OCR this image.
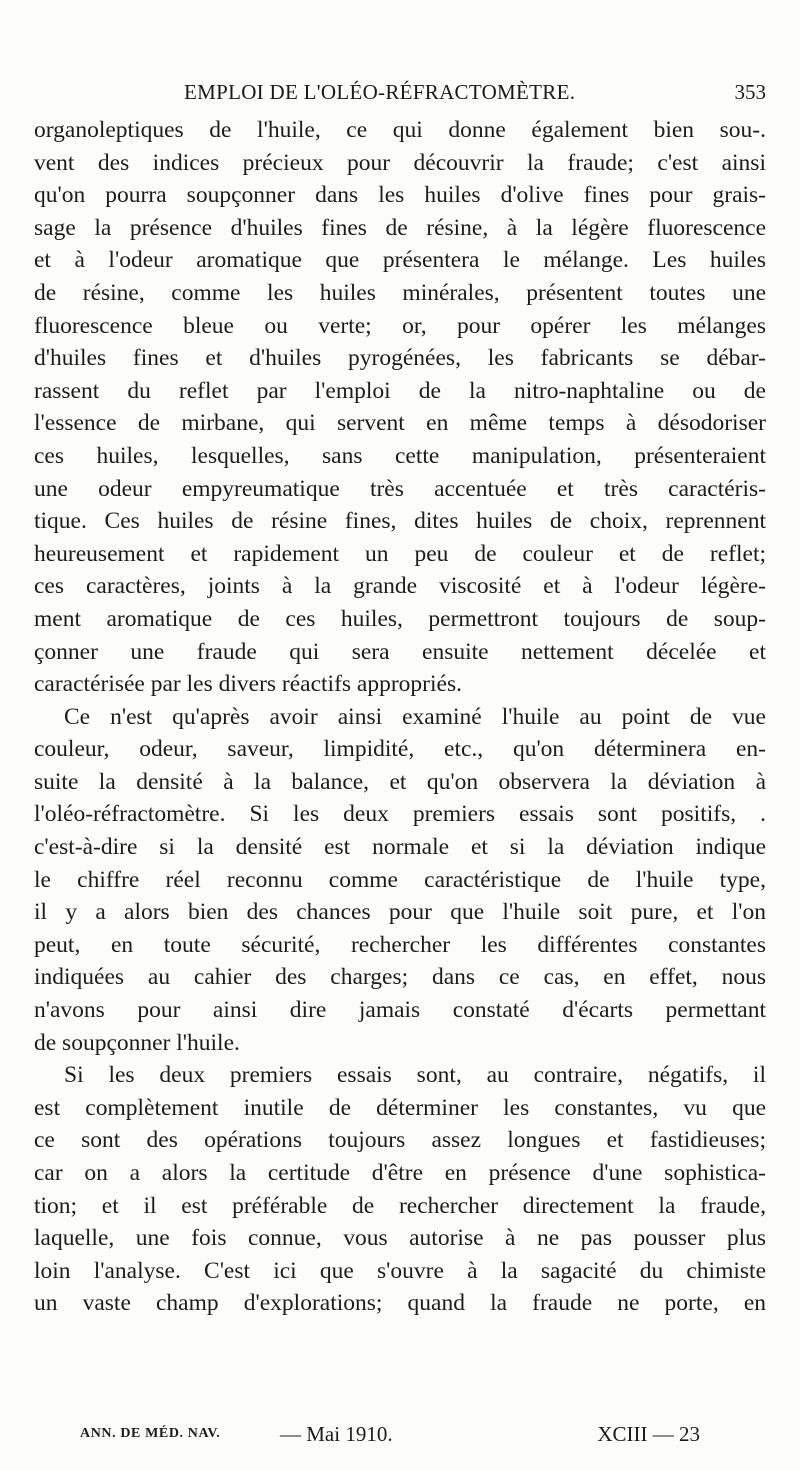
EMPLOI DE L'OLÉO-RÉFRACTOMÈTRE.	353
organoleptiques de l'huile, ce qui donne également bien sou-.
vent des indices précieux pour découvrir la fraude; c'est ainsi
qu'on pourra soupçonner dans les huiles d'olive fines pour grais-
sage la présence d'huiles fines de résine, à la légère fluorescence
et à l'odeur aromatique que présentera le mélange. Les huiles
de résine, comme les huiles minérales, présentent toutes une
fluorescence bleue ou verte; or, pour opérer les mélanges
d'huiles fines et d'huiles pyrogénées, les fabricants se débar-
rassent du reflet par l'emploi de la nitro-naphtaline ou de
l'essence de mirbane, qui servent en même temps à désodoriser
ces huiles, lesquelles, sans cette manipulation, présenteraient
une odeur empyreumatique très accentuée et très caractéris-
tique. Ces huiles de résine fines, dites huiles de choix, reprennent
heureusement et rapidement un peu de couleur et de reflet;
ces caractères, joints à la grande viscosité et à l'odeur légère-
ment aromatique de ces huiles, permettront toujours de soup-
çonner une fraude qui sera ensuite nettement décelée et
caractérisée par les divers réactifs appropriés.
Ce n'est qu'après avoir ainsi examiné l'huile au point de vue
couleur, odeur, saveur, limpidité, etc., qu'on déterminera en-
suite la densité à la balance, et qu'on observera la déviation à
l'oléo-réfractomètre. Si les deux premiers essais sont positifs, .
c'est-à-dire si la densité est normale et si la déviation indique
le chiffre réel reconnu comme caractéristique de l'huile type,
il y a alors bien des chances pour que l'huile soit pure, et l'on
peut, en toute sécurité, rechercher les différentes constantes
indiquées au cahier des charges; dans ce cas, en effet, nous
n'avons pour ainsi dire jamais constaté d'écarts permettant
de soupçonner l'huile.
Si les deux premiers essais sont, au contraire, négatifs, il
est complètement inutile de déterminer les constantes, vu que
ce sont des opérations toujours assez longues et fastidieuses;
car on a alors la certitude d'être en présence d'une sophistica-
tion; et il est préférable de rechercher directement la fraude,
laquelle, une fois connue, vous autorise à ne pas pousser plus
loin l'analyse. C'est ici que s'ouvre à la sagacité du chimiste
un vaste champ d'explorations; quand la fraude ne porte, en
ANN. DE MÉD. NAV.	— Mai 1910.	XCIII — 23
